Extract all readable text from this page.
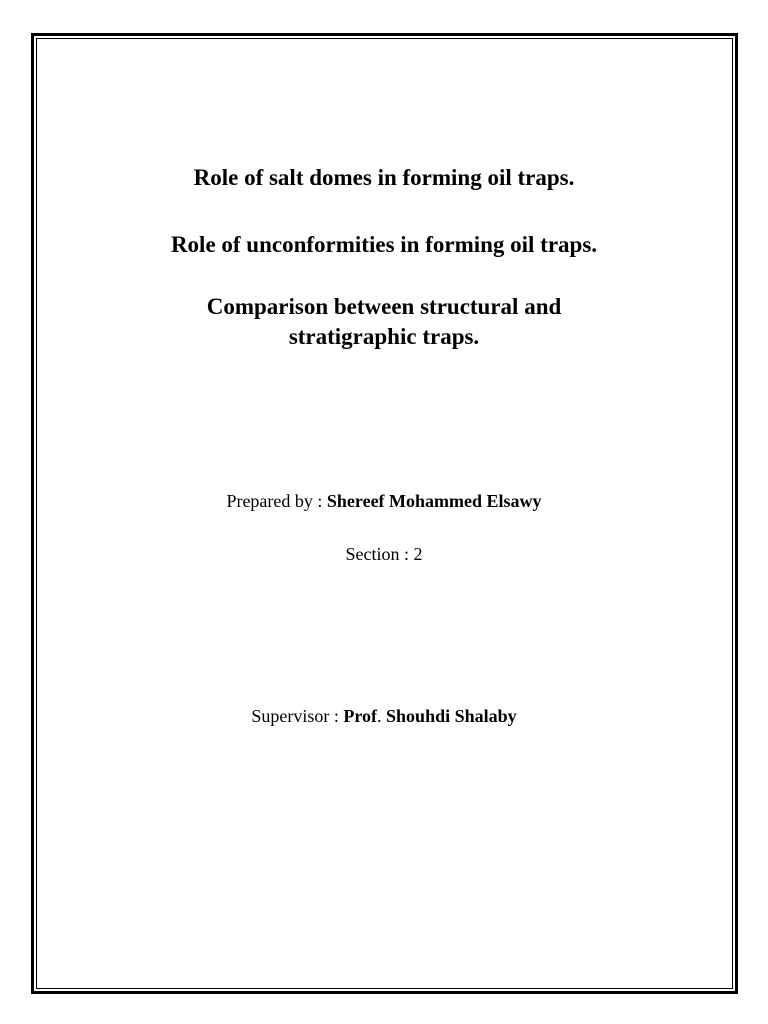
Role of salt domes in forming oil traps.
Role of unconformities in forming oil traps.
Comparison between structural and
stratigraphic traps.

Prepared by : Shereef Mohammed Elsawy

Section : 2

Supervisor : Prof. Shouhdi Shalaby
